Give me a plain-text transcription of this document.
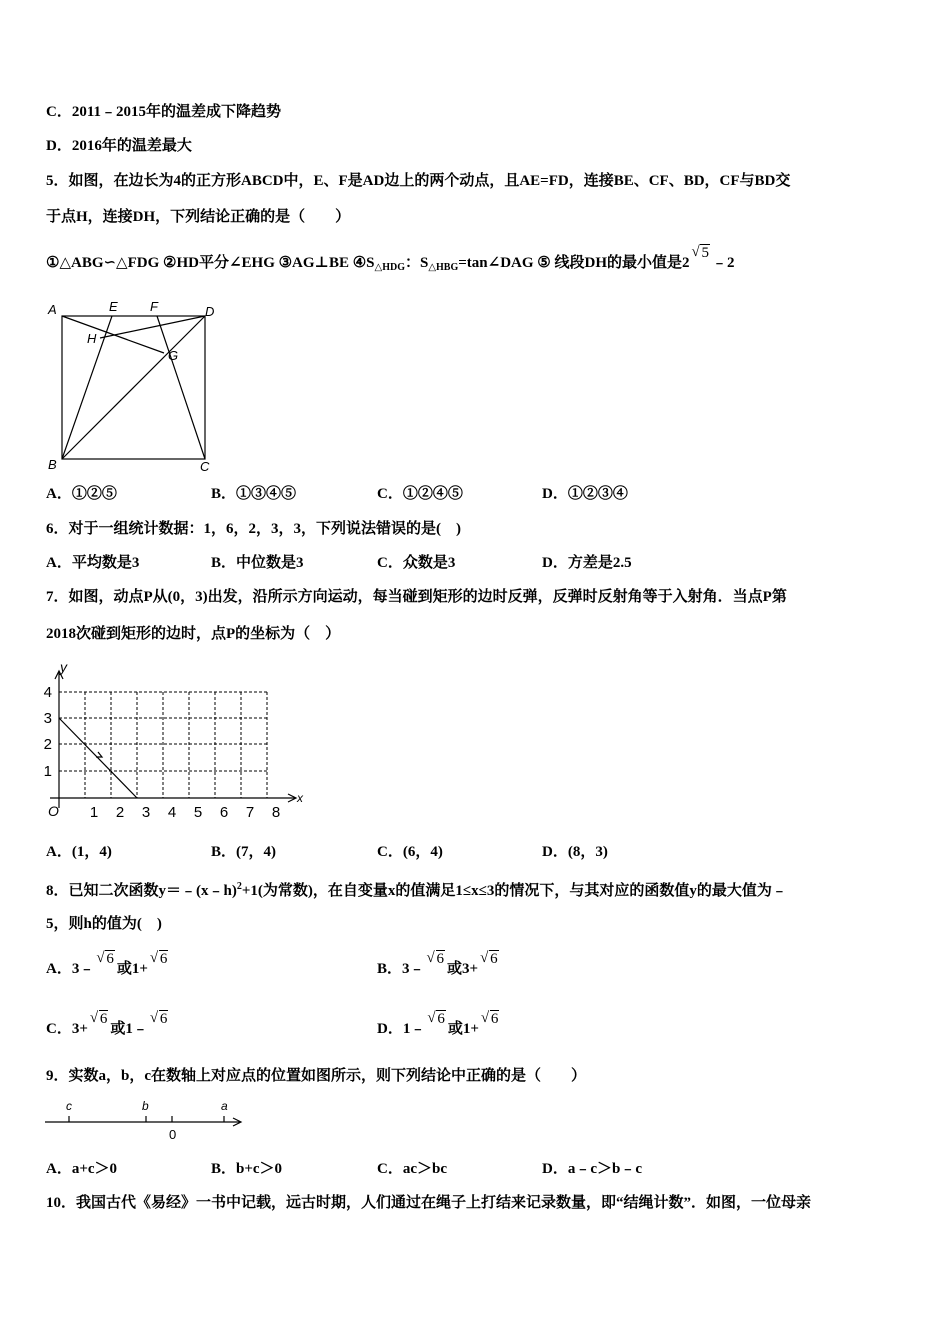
C．2011﹣2015年的温差成下降趋势
D．2016年的温差最大
5．如图，在边长为4的正方形ABCD中，E、F是AD边上的两个动点，且AE=FD，连接BE、CF、BD，CF与BD交
于点H，连接DH，下列结论正确的是（　　）
①△ABG∽△FDG ②HD平分∠EHG ③AG⊥BE $④S_{\triangle HDG}$：$S_{\triangle HBG}=\tan\angle DAG$ ⑤ 线段DH的最小值是2√ 5﹣2
A	E F	D
H
G
B	C
A．①②⑤	B．①③④⑤	C．①②④⑤	D．①②③④
6．对于一组统计数据：1，6，2，3，3，下列说法错误的是(　)
A．平均数是3	B．中位数是3	C．众数是3	D．方差是2.5
7．如图，动点P从(0，3)出发，沿所示方向运动，每当碰到矩形的边时反弹，反弹时反射角等于入射角．当点P第
2018次碰到矩形的边时，点P的坐标为（　）
y
x
O
4
3
2
1
1 2 3 4 5 6 7 8
A．(1，4)	B．(7，4)	C．(6，4)	D．(8，3)
8．已知二次函数y＝﹣(x﹣h)$^2$+1(为常数)，在自变量x的值满足1≤x≤3的情况下，与其对应的函数值y的最大值为﹣
5，则h的值为(　)
A．3﹣√ 6或1+√ 6
B．3﹣√ 6或3+√ 6
C．3+√ 6或1﹣√ 6
D．1﹣√ 6或1+√ 6
9．实数a，b，c在数轴上对应点的位置如图所示，则下列结论中正确的是（　　）
c	b	a
0
A．a+c＞0	B．b+c＞0	C．ac＞bc	D．a﹣c＞b﹣c
10．我国古代《易经》一书中记载，远古时期，人们通过在绳子上打结来记录数量，即“结绳计数”．如图，一位母亲
